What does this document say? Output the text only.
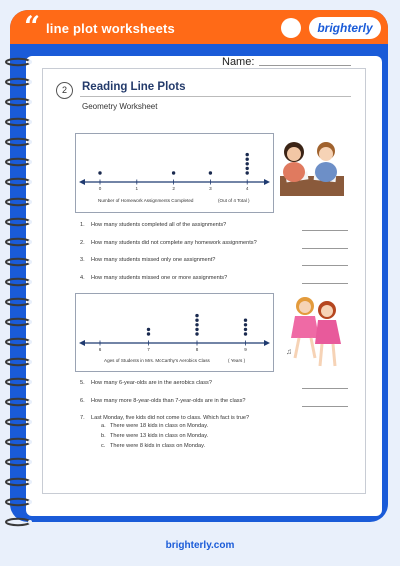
“ line plot worksheets	brighterly
Name:
2	Reading Line Plots
Geometry Worksheet
0	1	2	3	4
Number of Homework Assignments Completed	(Out of 4 Total )
1. How many students completed all of the assignments?
2. How many students did not complete any homework assignments?
3. How many students missed only one assignment?
4. How many students missed one or more assignments?
6	7	8	9
Ages of Students in Mrs. McCarthy's Aerobics Class	( Years )
♫
5. How many 6-year-olds are in the aerobics class?
6. How many more 8-year-olds than 7-year-olds are in the class?
7. Last Monday, five kids did not come to class. Which fact is true?
a. There were 18 kids in class on Monday.
b. There were 13 kids in class on Monday.
c. There were 8 kids in class on Monday.
brighterly.com
